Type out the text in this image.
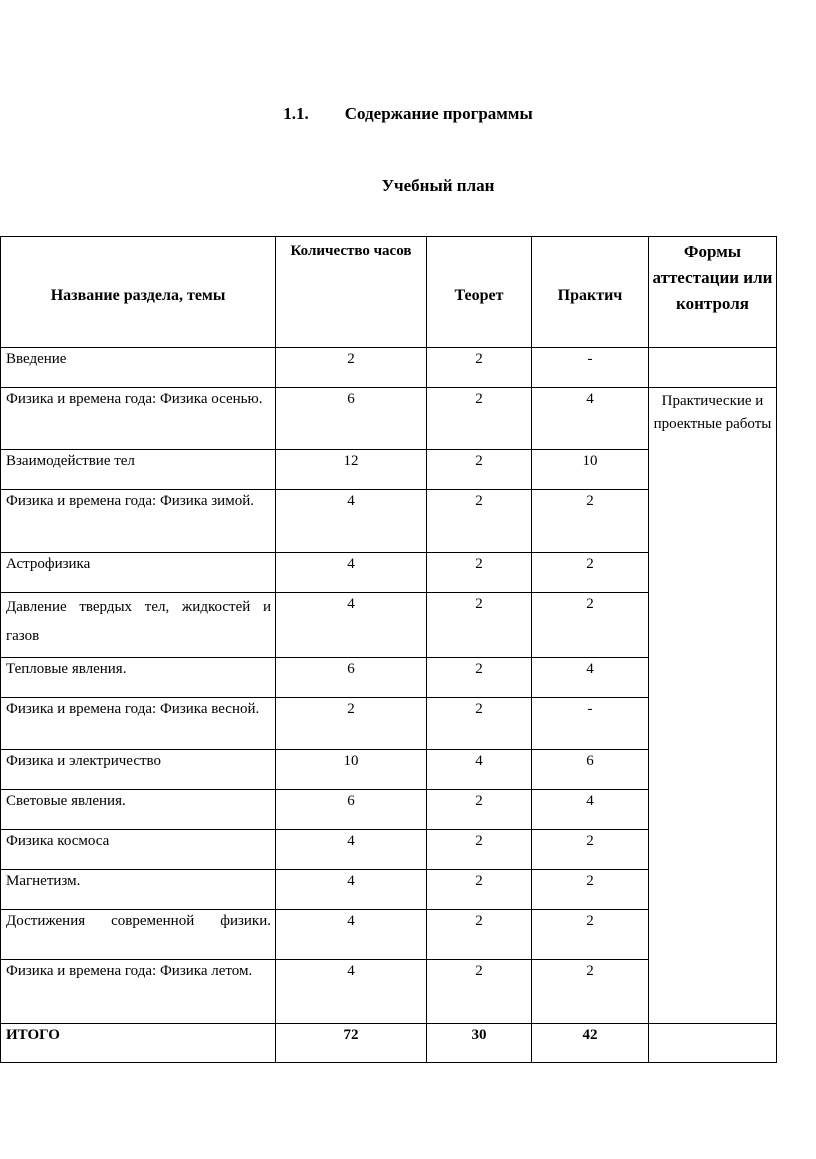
1.1. Содержание программы
Учебный план
Название раздела, темы	Количество часов	Теорет	Практич	Формы аттестации или контроля
Введение	2	2	-	
Физика и времена года: Физика осенью.	6	2	4	Практические и проектные работы
Взаимодействие тел	12	2	10	
Физика и времена года: Физика зимой.	4	2	2	
Астрофизика	4	2	2	
Давление твердых тел, жидкостей и газов	4	2	2	
Тепловые явления.	6	2	4	
Физика и времена года: Физика весной.	2	2	-	
Физика и электричество	10	4	6	
Световые явления.	6	2	4	
Физика космоса	4	2	2	
Магнетизм.	4	2	2	
Достижения современной физики.	4	2	2	
Физика и времена года: Физика летом.	4	2	2	
ИТОГО	72	30	42	
